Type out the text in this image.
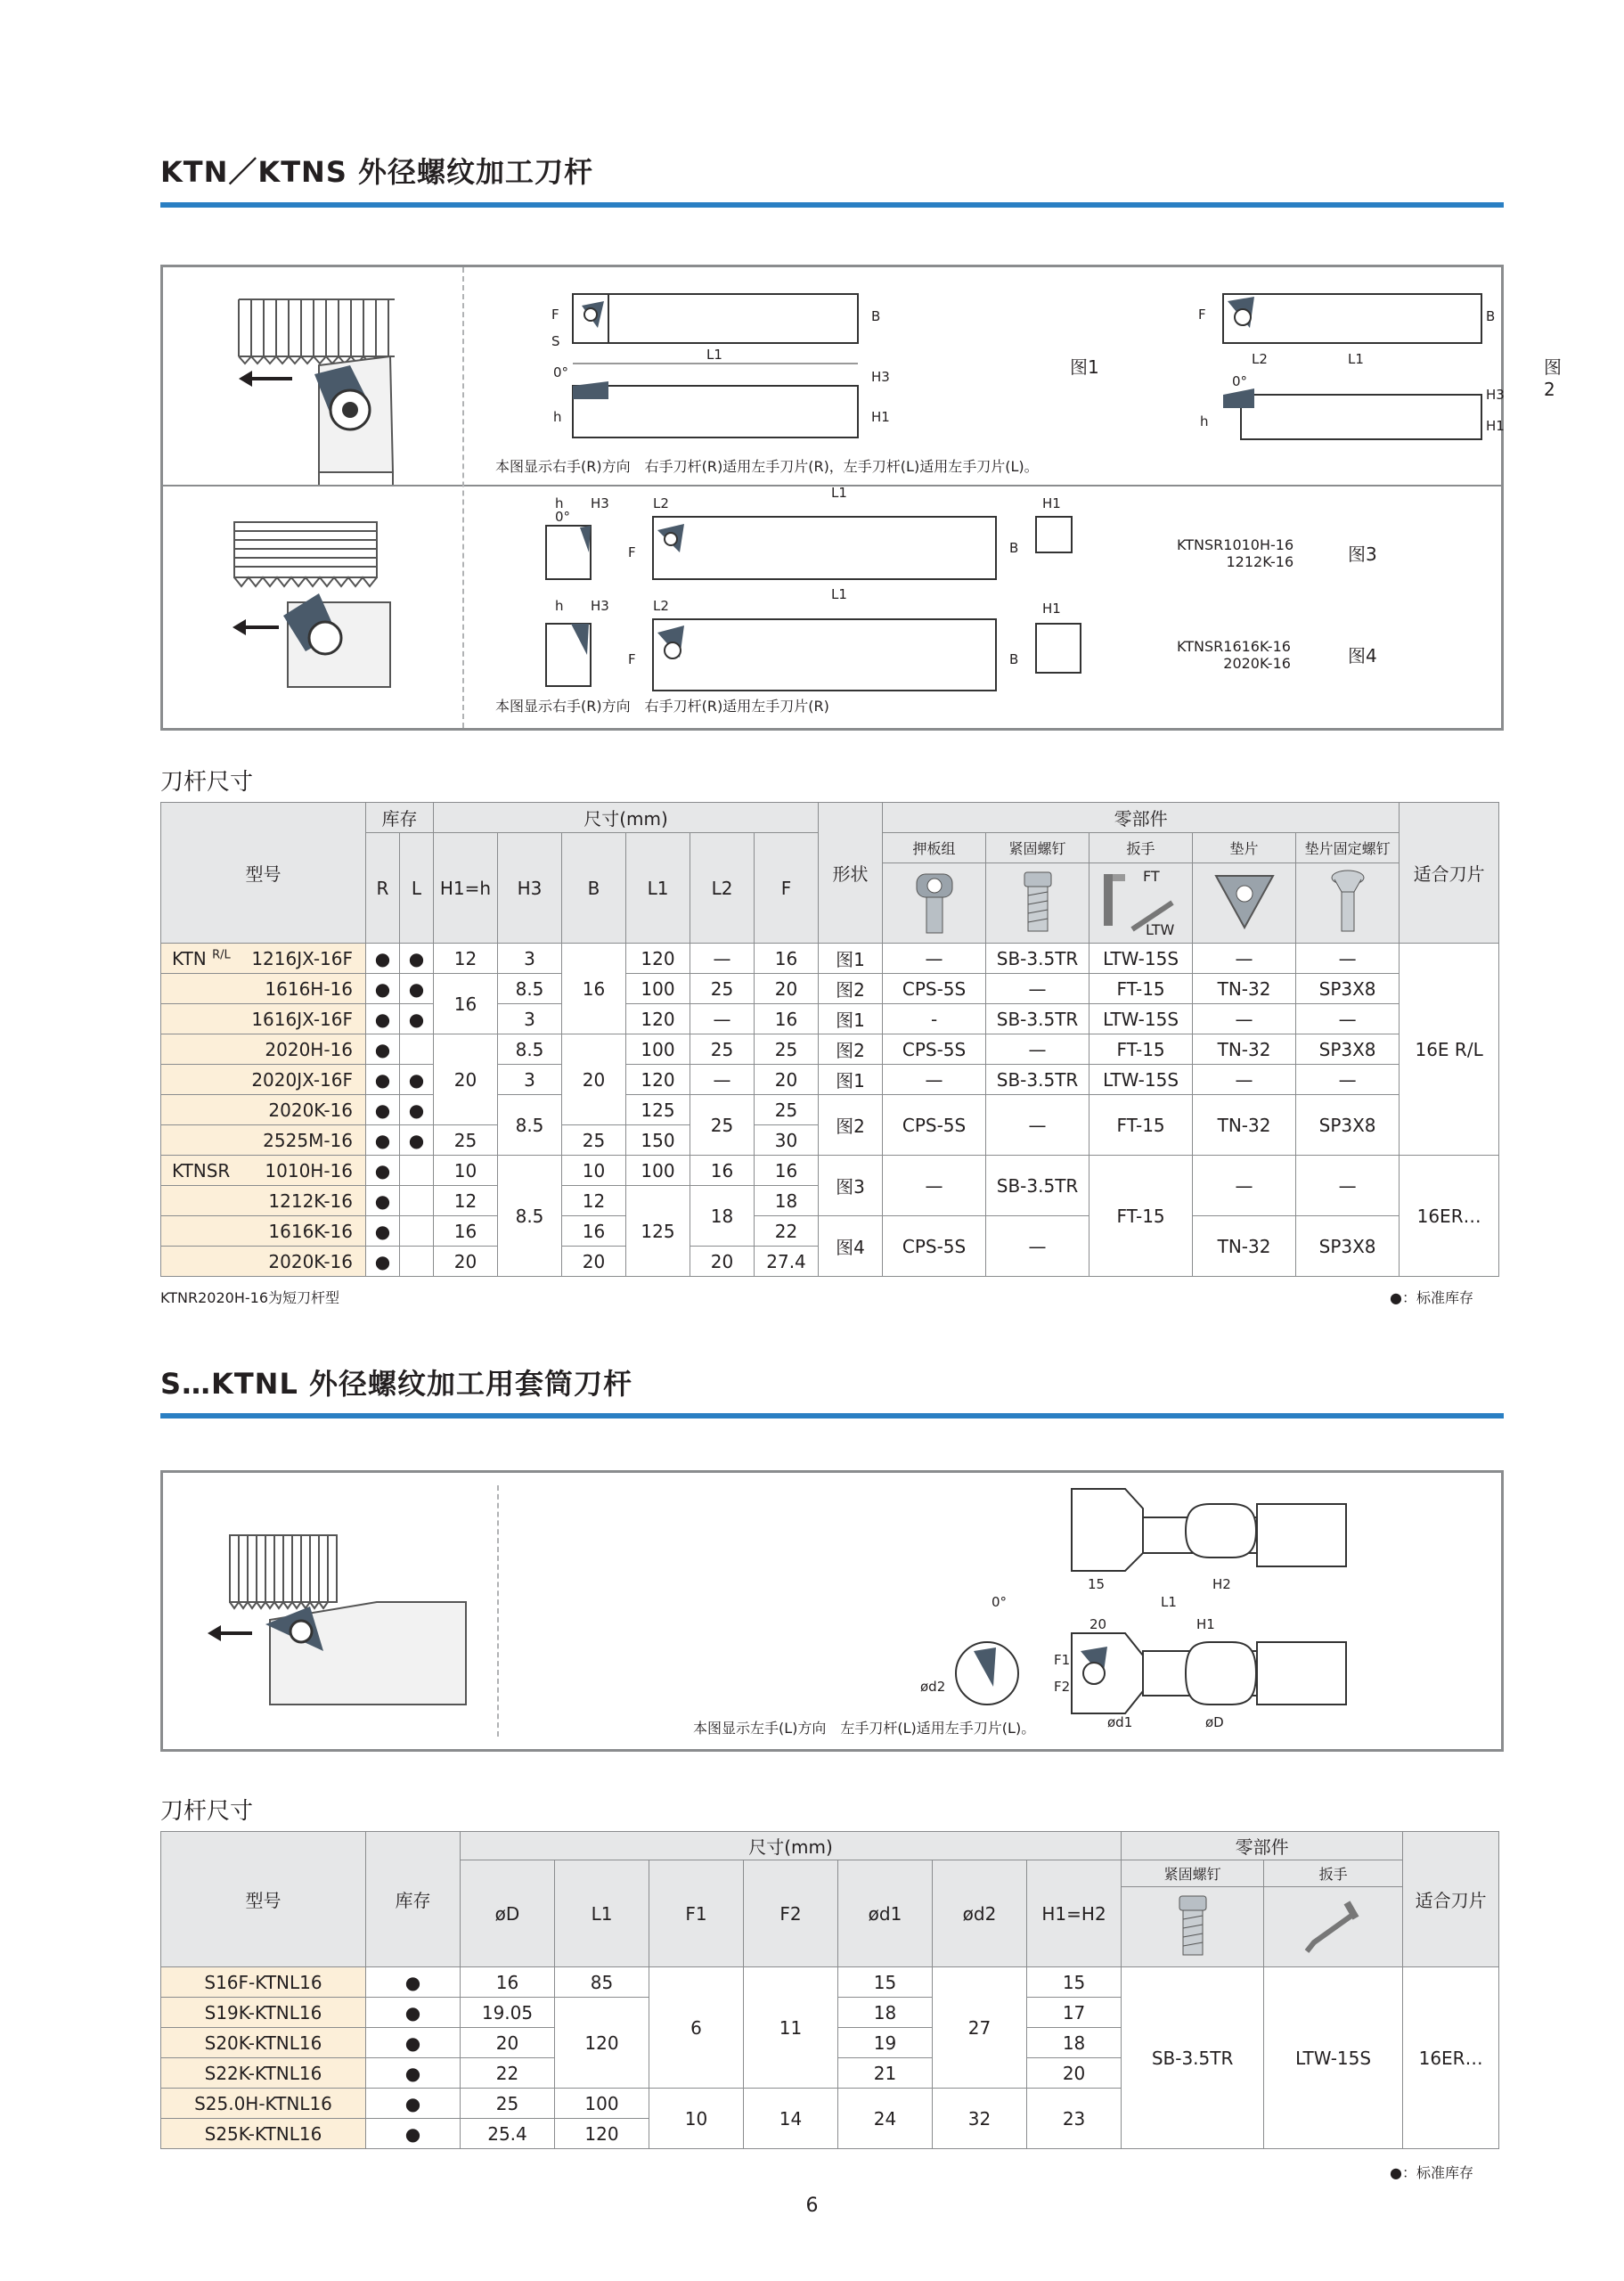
KTN／KTNS 外径螺纹加工刀杆
F
S
B
L1
0°
h
H3
H1
图1
F	B
L2	L1
0°
h
H3
H1
图2
本图显示右手(R)方向　右手刀杆(R)适用左手刀片(R)，左手刀杆(L)适用左手刀片(L)。
h H3
0°
L2
L1
F	B
H1
h H3	L2
L1
F	B
H1
KTNSR1010H-16
1212K-16	图3
KTNSR1616K-16
2020K-16	图4
本图显示右手(R)方向　右手刀杆(R)适用左手刀片(R)
刀杆尺寸
型号	库存		尺寸(mm)						形状	零部件					适合刀片
	R	L	H1=h	H3	B	L1	L2	F		押板组	紧固螺钉	扳手	垫片	垫片固定螺钉	

FT
LTW

KTN $^{R/L}$ 1216JX-16F	●	●	12	3	16	120	—	16	图1	—	SB-3.5TR	LTW-15S	—	—	16E R/L
1616H-16	●	●	16	8.5		100	25	20	图2	CPS-5S	—	FT-15	TN-32	SP3X8	
1616JX-16F	●	●		3		120	—	16	图1	-	SB-3.5TR	LTW-15S	—	—	
2020H-16	●		20	8.5	20	100	25	25	图2	CPS-5S	—	FT-15	TN-32	SP3X8	
2020JX-16F	●	●		3		120	—	20	图1	—	SB-3.5TR	LTW-15S	—	—	
2020K-16	●	●		8.5		125	25	25	图2	CPS-5S	—	FT-15	TN-32	SP3X8	
2525M-16	●	●	25		25	150		30							

KTNSR 1010H-16	●		10	8.5	10	100	16	16	图3	—	SB-3.5TR	FT-15	—	—	16ER…
1212K-16	●		12		12	125	18	18							
1616K-16	●		16		16			22	图4	CPS-5S	—		TN-32	SP3X8	
2020K-16	●		20		20		20	27.4							
KTNR2020H-16为短刀杆型	●：标准库存
S…KTNL 外径螺纹加工用套筒刀杆
15	H2
L1
20	H1
F2
F1
ød1	øD
0°
ød2
本图显示左手(L)方向　左手刀杆(L)适用左手刀片(L)。
刀杆尺寸
型号	库存	尺寸(mm)							零部件		适合刀片
		øD	L1	F1	F2	ød1	ød2	H1=H2	紧固螺钉	扳手	

S16F-KTNL16	●	16	85	6	11	15	27	15	SB-3.5TR	LTW-15S	16ER…
S19K-KTNL16	●	19.05	120			18		17			
S20K-KTNL16	●	20				19		18			
S22K-KTNL16	●	22				21		20			
S25.0H-KTNL16	●	25	100	10	14	24	32	23			
S25K-KTNL16	●	25.4	120								
●：标准库存
6
